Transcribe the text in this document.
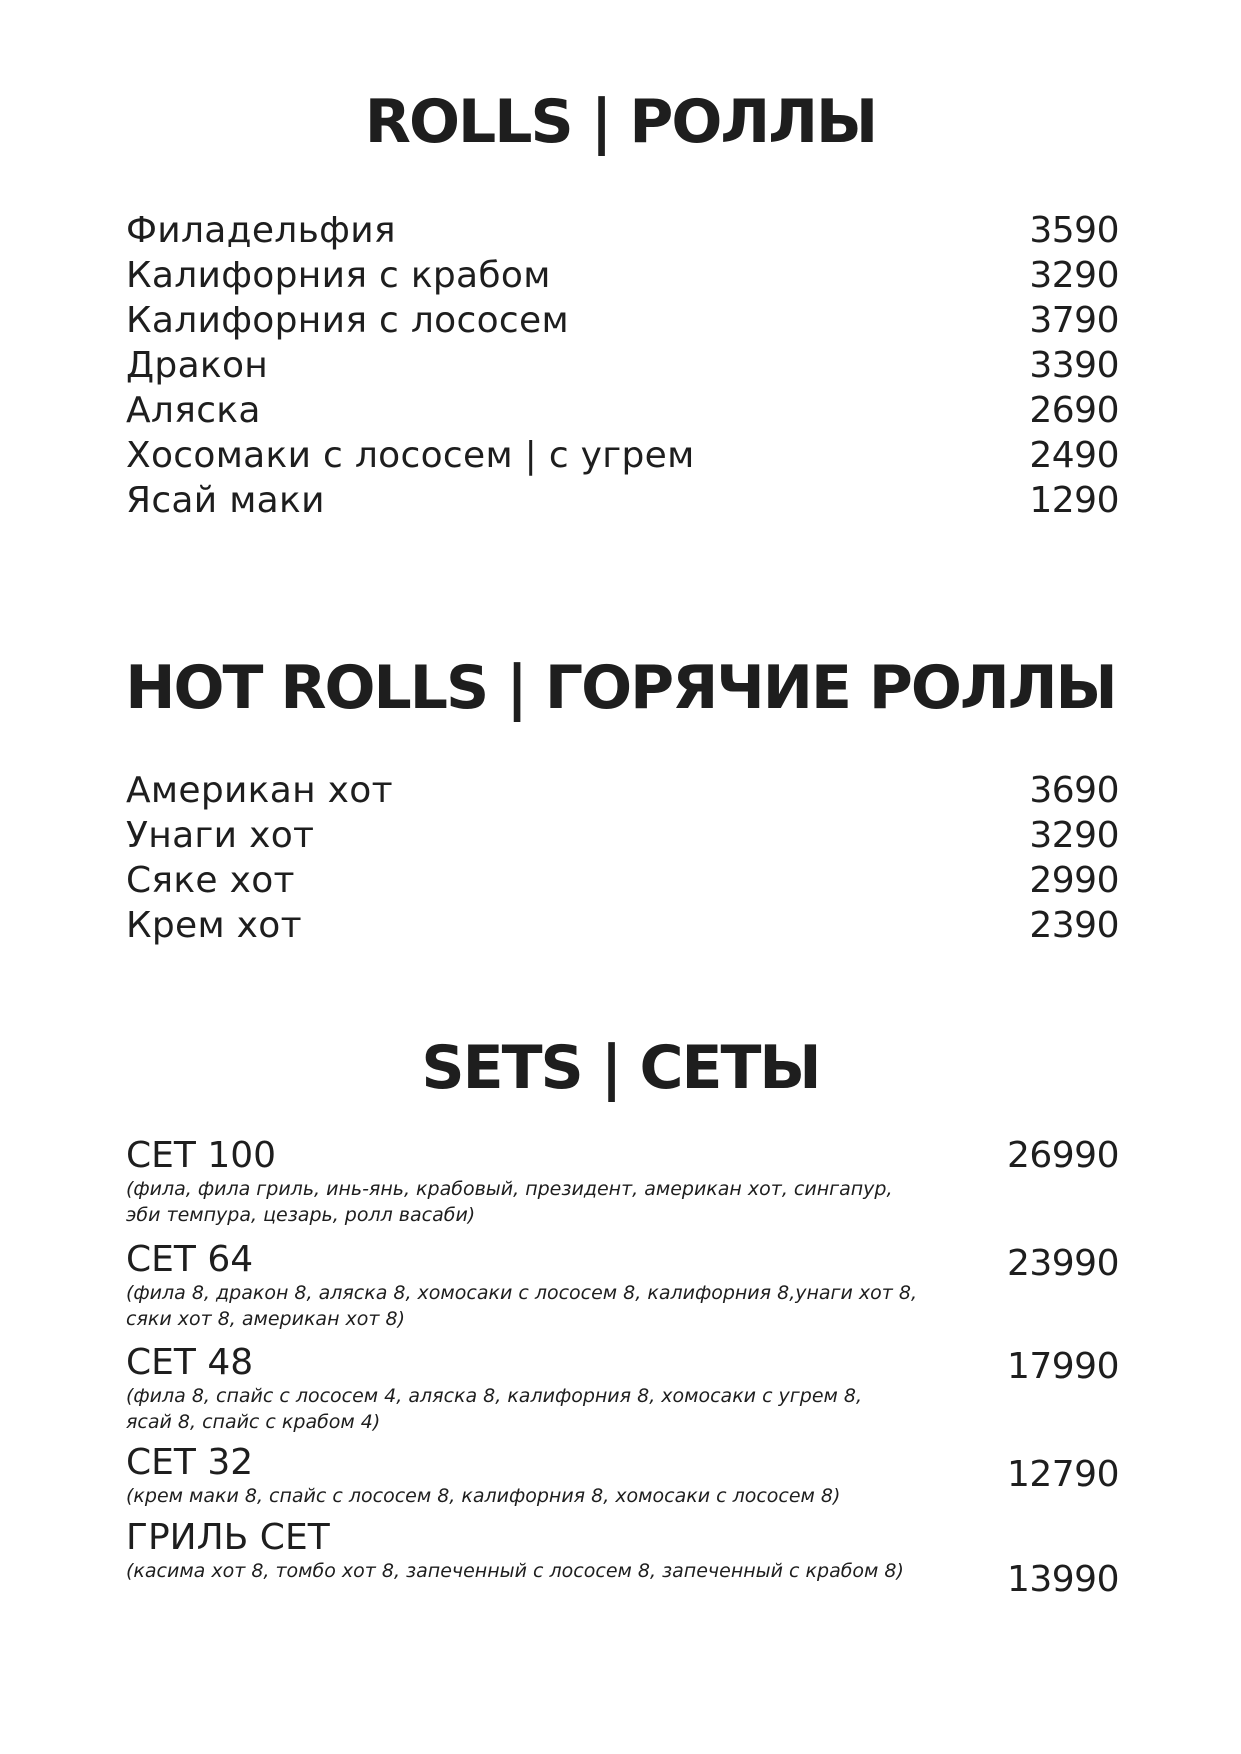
ROLLS | РОЛЛЫ
Филадельфия	3590
Калифорния с крабом	3290
Калифорния с лососем	3790
Дракон	3390
Аляска	2690
Хосомаки с лососем | с угрем	2490
Ясай маки	1290
HOT ROLLS | ГОРЯЧИЕ РОЛЛЫ
Американ хот	3690
Унаги хот	3290
Сяке хот	2990
Крем хот	2390
SETS | СЕТЫ
СЕТ 100
(фила, фила гриль, инь-янь, крабовый, президент, американ хот, сингапур,
эби темпура, цезарь, ролл васаби)
26990
СЕТ 64
(фила 8, дракон 8, аляска 8, хомосаки с лососем 8, калифорния 8,унаги хот 8,
сяки хот 8, американ хот 8)
23990
СЕТ 48
(фила 8, спайс с лососем 4, аляска 8, калифорния 8, хомосаки с угрем 8,
ясай 8, спайс с крабом 4)
17990
СЕТ 32
(крем маки 8, спайс с лососем 8, калифорния 8, хомосаки с лососем 8)
12790
ГРИЛЬ СЕТ
(касима хот 8, томбо хот 8, запеченный с лососем 8, запеченный с крабом 8)	13990
